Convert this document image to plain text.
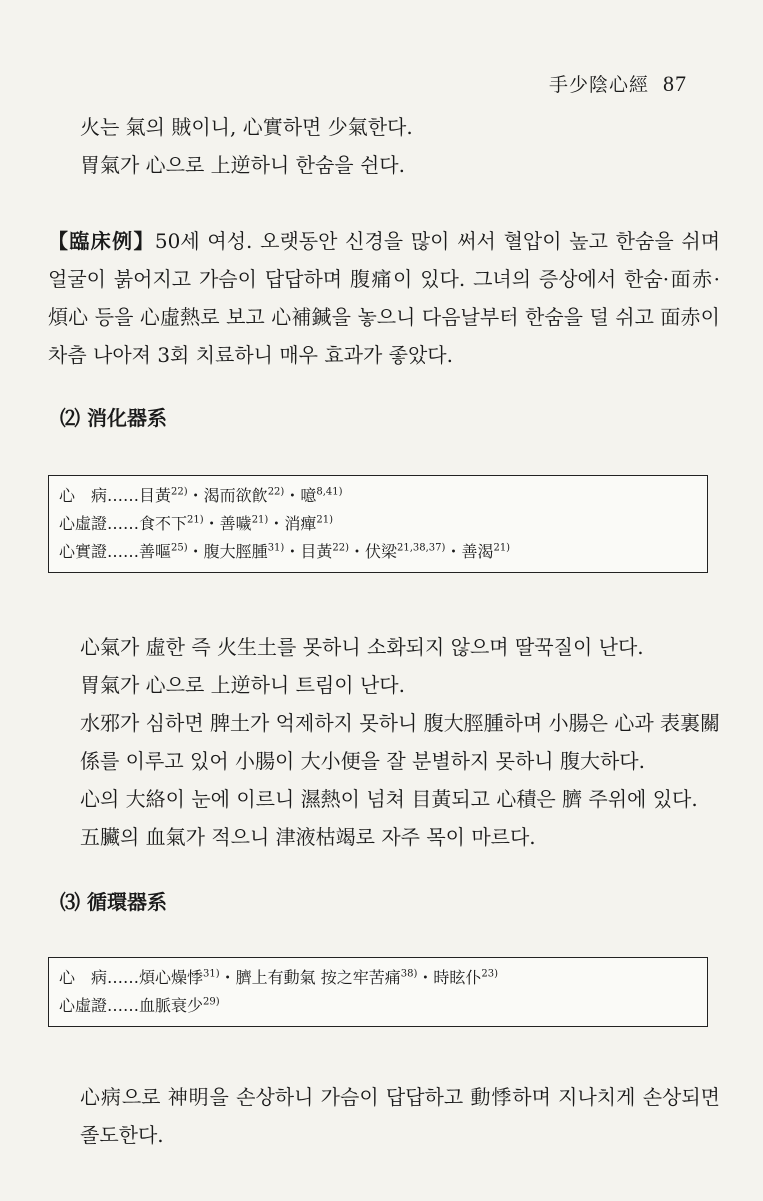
手少陰心經 87
火는 氣의 賊이니, 心實하면 少氣한다.
胃氣가 心으로 上逆하니 한숨을 쉰다.
【臨床例】50세 여성. 오랫동안 신경을 많이 써서 혈압이 높고 한숨을 쉬며 얼굴이 붉어지고 가슴이 답답하며 腹痛이 있다. 그녀의 증상에서 한숨·面赤·煩心 등을 心虛熱로 보고 心補鍼을 놓으니 다음날부터 한숨을 덜 쉬고 面赤이 차츰 나아져 3회 치료하니 매우 효과가 좋았다.
⑵ 消化器系
心　病……目黃$^{22)}$・渴而欲飮$^{22)}$・噫$^{8,41)}$
心虛證……食不下$^{21)}$・善噦$^{21)}$・消癉$^{21)}$
心實證……善嘔$^{25)}$・腹大脛腫$^{31)}$・目黃$^{22)}$・伏梁$^{21,38,37)}$・善渴$^{21)}$
心氣가 虛한 즉 火生土를 못하니 소화되지 않으며 딸꾹질이 난다.
胃氣가 心으로 上逆하니 트림이 난다.
水邪가 심하면 脾土가 억제하지 못하니 腹大脛腫하며 小腸은 心과 表裏關係를 이루고 있어 小腸이 大小便을 잘 분별하지 못하니 腹大하다.
心의 大絡이 눈에 이르니 濕熱이 넘쳐 目黃되고 心積은 臍 주위에 있다.
五臟의 血氣가 적으니 津液枯竭로 자주 목이 마르다.
⑶ 循環器系
心　病……煩心燥悸$^{31)}$・臍上有動氣 按之牢苦痛$^{38)}$・時眩仆$^{23)}$
心虛證……血脈衰少$^{29)}$
心病으로 神明을 손상하니 가슴이 답답하고 動悸하며 지나치게 손상되면 졸도한다.
